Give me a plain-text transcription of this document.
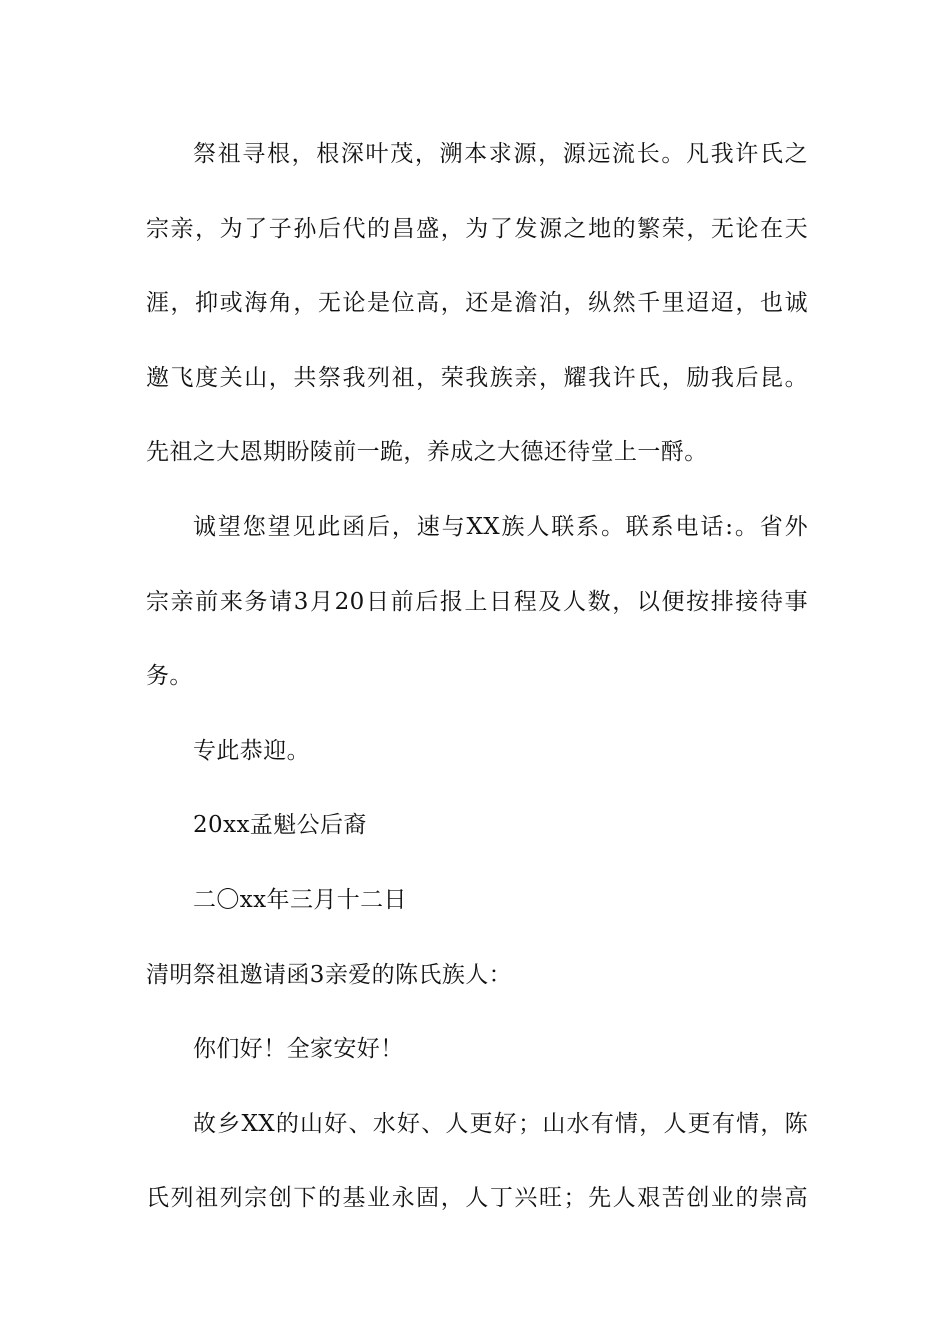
祭祖寻根，根深叶茂，溯本求源，源远流长。凡我许氏之
宗亲，为了子孙后代的昌盛，为了发源之地的繁荣，无论在天
涯，抑或海角，无论是位高，还是澹泊，纵然千里迢迢，也诚
邀飞度关山，共祭我列祖，荣我族亲，耀我许氏，励我后昆。
先祖之大恩期盼陵前一跪，养成之大德还待堂上一酹。
诚望您望见此函后，速与XX族人联系。联系电话:。省外
宗亲前来务请3月20日前后报上日程及人数，以便按排接待事
务。
专此恭迎。
20xx孟魁公后裔
二〇xx年三月十二日
清明祭祖邀请函3亲爱的陈氏族人：
你们好！全家安好！
故乡XX的山好、水好、人更好；山水有情，人更有情，陈
氏列祖列宗创下的基业永固，人丁兴旺；先人艰苦创业的崇高
